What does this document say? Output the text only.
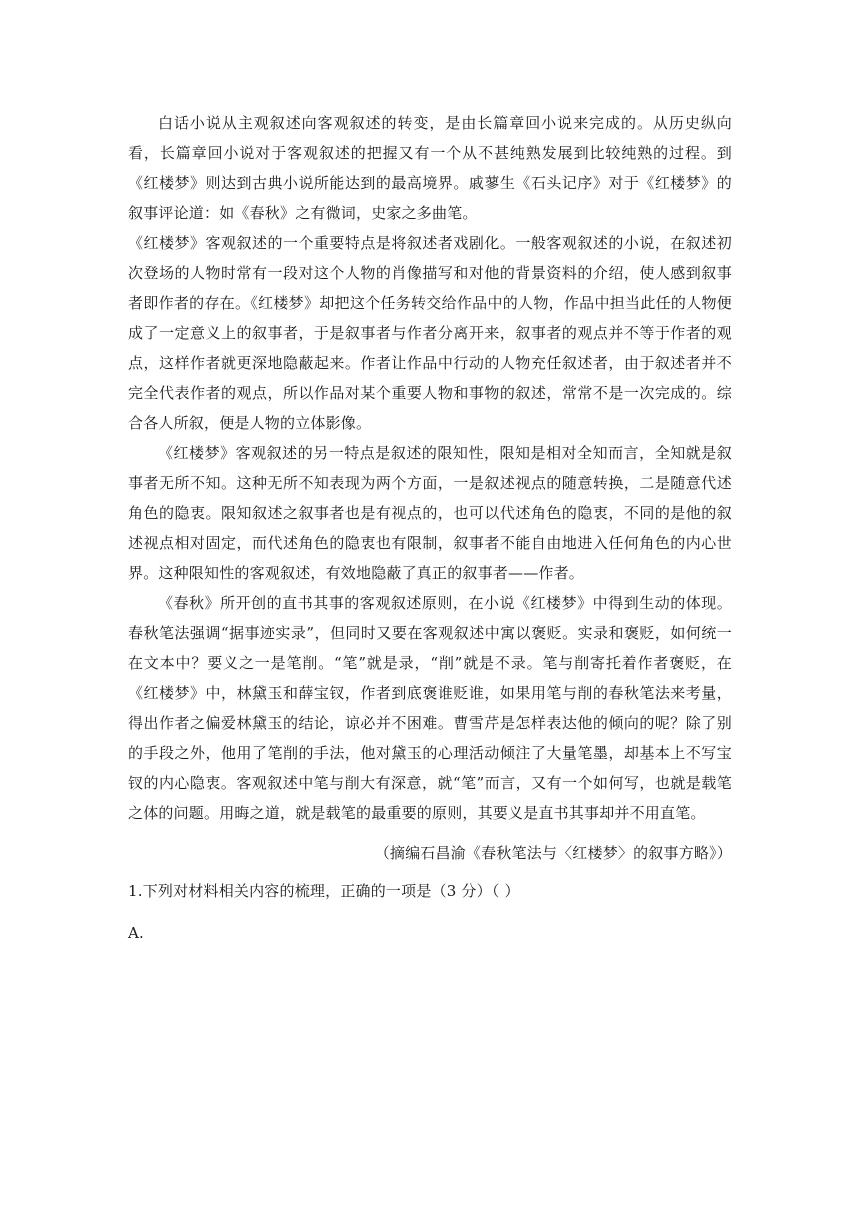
白话小说从主观叙述向客观叙述的转变，是由长篇章回小说来完成的。从历史纵向看，长篇章回小说对于客观叙述的把握又有一个从不甚纯熟发展到比较纯熟的过程。到《红楼梦》则达到古典小说所能达到的最高境界。戚蓼生《石头记序》对于《红楼梦》的叙事评论道：如《春秋》之有微词，史家之多曲笔。

《红楼梦》客观叙述的一个重要特点是将叙述者戏剧化。一般客观叙述的小说，在叙述初次登场的人物时常有一段对这个人物的肖像描写和对他的背景资料的介绍，使人感到叙事者即作者的存在。《红楼梦》却把这个任务转交给作品中的人物，作品中担当此任的人物便成了一定意义上的叙事者，于是叙事者与作者分离开来，叙事者的观点并不等于作者的观点，这样作者就更深地隐蔽起来。作者让作品中行动的人物充任叙述者，由于叙述者并不完全代表作者的观点，所以作品对某个重要人物和事物的叙述，常常不是一次完成的。综合各人所叙，便是人物的立体影像。

《红楼梦》客观叙述的另一特点是叙述的限知性，限知是相对全知而言，全知就是叙事者无所不知。这种无所不知表现为两个方面，一是叙述视点的随意转换，二是随意代述角色的隐衷。限知叙述之叙事者也是有视点的，也可以代述角色的隐衷，不同的是他的叙述视点相对固定，而代述角色的隐衷也有限制，叙事者不能自由地进入任何角色的内心世界。这种限知性的客观叙述，有效地隐蔽了真正的叙事者——作者。

《春秋》所开创的直书其事的客观叙述原则，在小说《红楼梦》中得到生动的体现。春秋笔法强调“据事迹实录”，但同时又要在客观叙述中寓以褒贬。实录和褒贬，如何统一在文本中？要义之一是笔削。“笔”就是录，“削”就是不录。笔与削寄托着作者褒贬，在《红楼梦》中，林黛玉和薛宝钗，作者到底褒谁贬谁，如果用笔与削的春秋笔法来考量，得出作者之偏爱林黛玉的结论，谅必并不困难。曹雪芹是怎样表达他的倾向的呢？除了别的手段之外，他用了笔削的手法，他对黛玉的心理活动倾注了大量笔墨，却基本上不写宝钗的内心隐衷。客观叙述中笔与削大有深意，就“笔”而言，又有一个如何写，也就是载笔之体的问题。用晦之道，就是载笔的最重要的原则，其要义是直书其事却并不用直笔。

（摘编石昌渝《春秋笔法与〈红楼梦〉的叙事方略》）

1.下列对材料相关内容的梳理，正确的一项是（3 分）（ ）

A.
